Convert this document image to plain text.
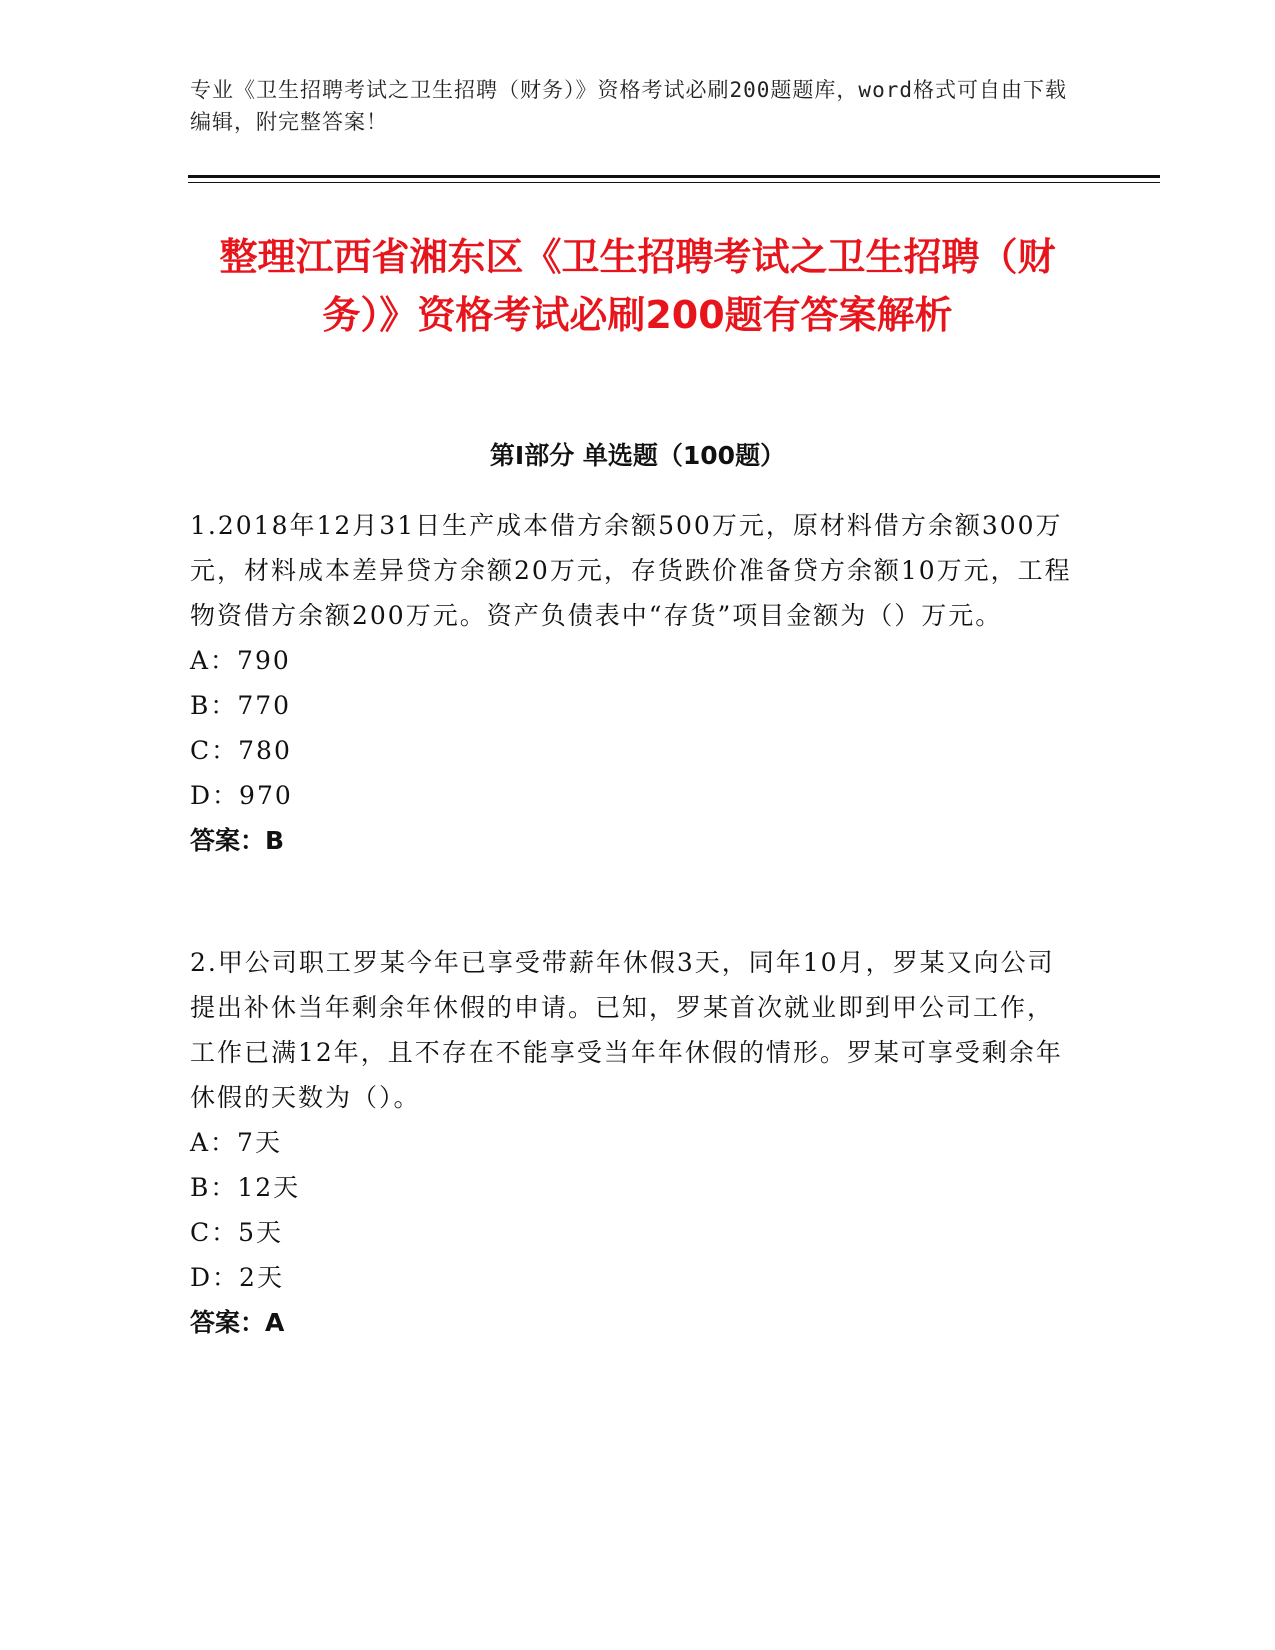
专业《卫生招聘考试之卫生招聘（财务）》资格考试必刷200题题库，word格式可自由下载编辑，附完整答案！
整理江西省湘东区《卫生招聘考试之卫生招聘（财务）》资格考试必刷200题有答案解析
第Ⅰ部分 单选题（100题）

1.2018年12月31日生产成本借方余额500万元，原材料借方余额300万元，材料成本差异贷方余额20万元，存货跌价准备贷方余额10万元，工程物资借方余额200万元。资产负债表中“存货”项目金额为（）万元。

A：790

B：770

C：780

D：970

答案：B

2.甲公司职工罗某今年已享受带薪年休假3天，同年10月，罗某又向公司提出补休当年剩余年休假的申请。已知，罗某首次就业即到甲公司工作，工作已满12年，且不存在不能享受当年年休假的情形。罗某可享受剩余年休假的天数为（）。

A：7天

B：12天

C：5天

D：2天

答案：A
